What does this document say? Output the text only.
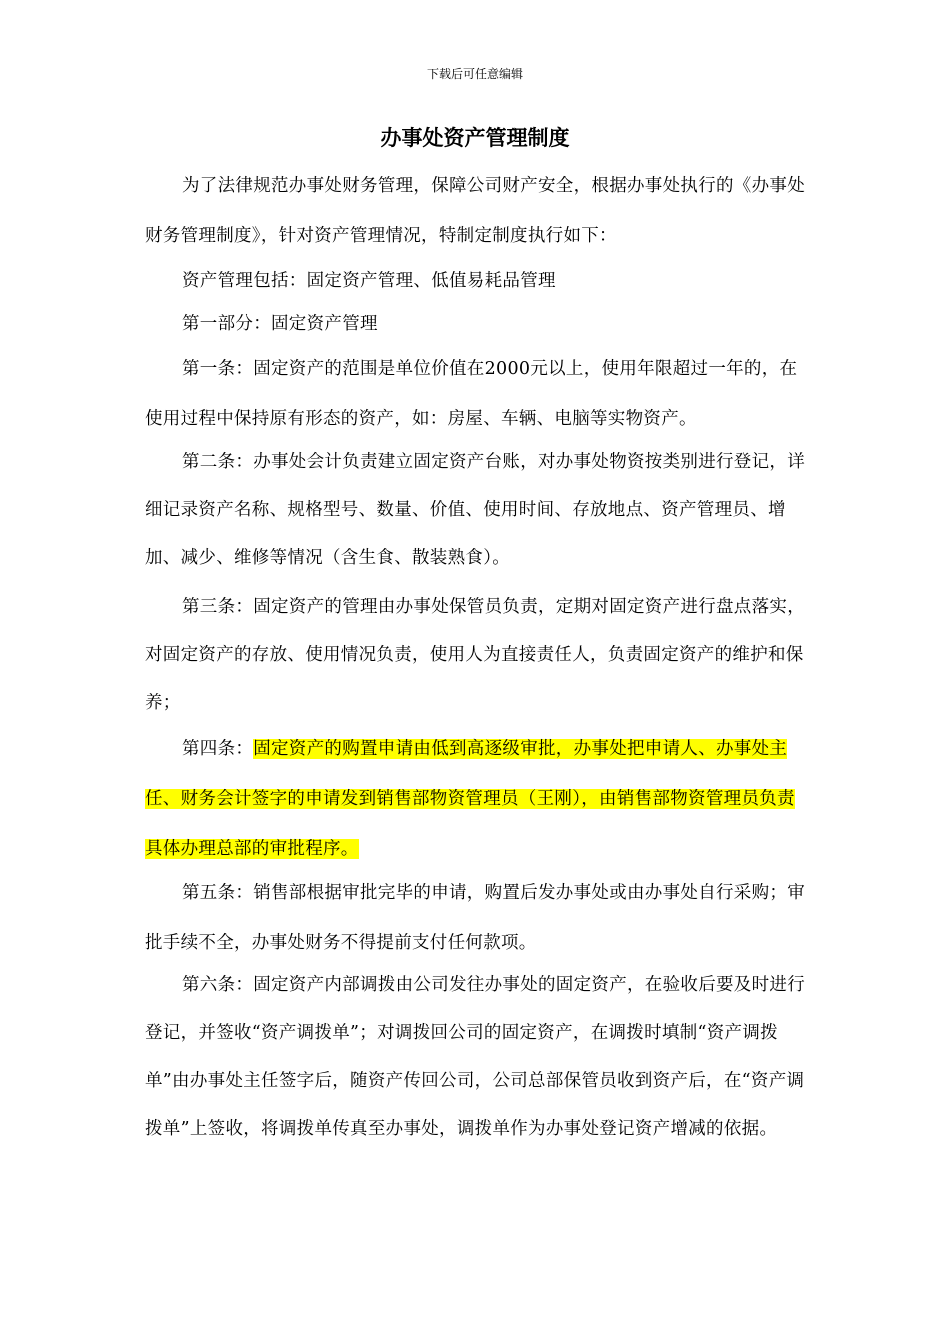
下载后可任意编辑
办事处资产管理制度

为了法律规范办事处财务管理，保障公司财产安全，根据办事处执行的《办事处财务管理制度》，针对资产管理情况，特制定制度执行如下：

资产管理包括：固定资产管理、低值易耗品管理

第一部分：固定资产管理

第一条：固定资产的范围是单位价值在2000元以上，使用年限超过一年的，在使用过程中保持原有形态的资产，如：房屋、车辆、电脑等实物资产。

第二条：办事处会计负责建立固定资产台账，对办事处物资按类别进行登记，详细记录资产名称、规格型号、数量、价值、使用时间、存放地点、资产管理员、增加、减少、维修等情况（含生食、散装熟食）。

第三条：固定资产的管理由办事处保管员负责，定期对固定资产进行盘点落实，对固定资产的存放、使用情况负责，使用人为直接责任人，负责固定资产的维护和保养；

第四条：固定资产的购置申请由低到高逐级审批，办事处把申请人、办事处主任、财务会计签字的申请发到销售部物资管理员（王刚），由销售部物资管理员负责具体办理总部的审批程序。

第五条：销售部根据审批完毕的申请，购置后发办事处或由办事处自行采购；审批手续不全，办事处财务不得提前支付任何款项。

第六条：固定资产内部调拨由公司发往办事处的固定资产，在验收后要及时进行登记，并签收“资产调拨单”；对调拨回公司的固定资产，在调拨时填制“资产调拨单”由办事处主任签字后，随资产传回公司，公司总部保管员收到资产后，在“资产调拨单”上签收，将调拨单传真至办事处，调拨单作为办事处登记资产增减的依据。
